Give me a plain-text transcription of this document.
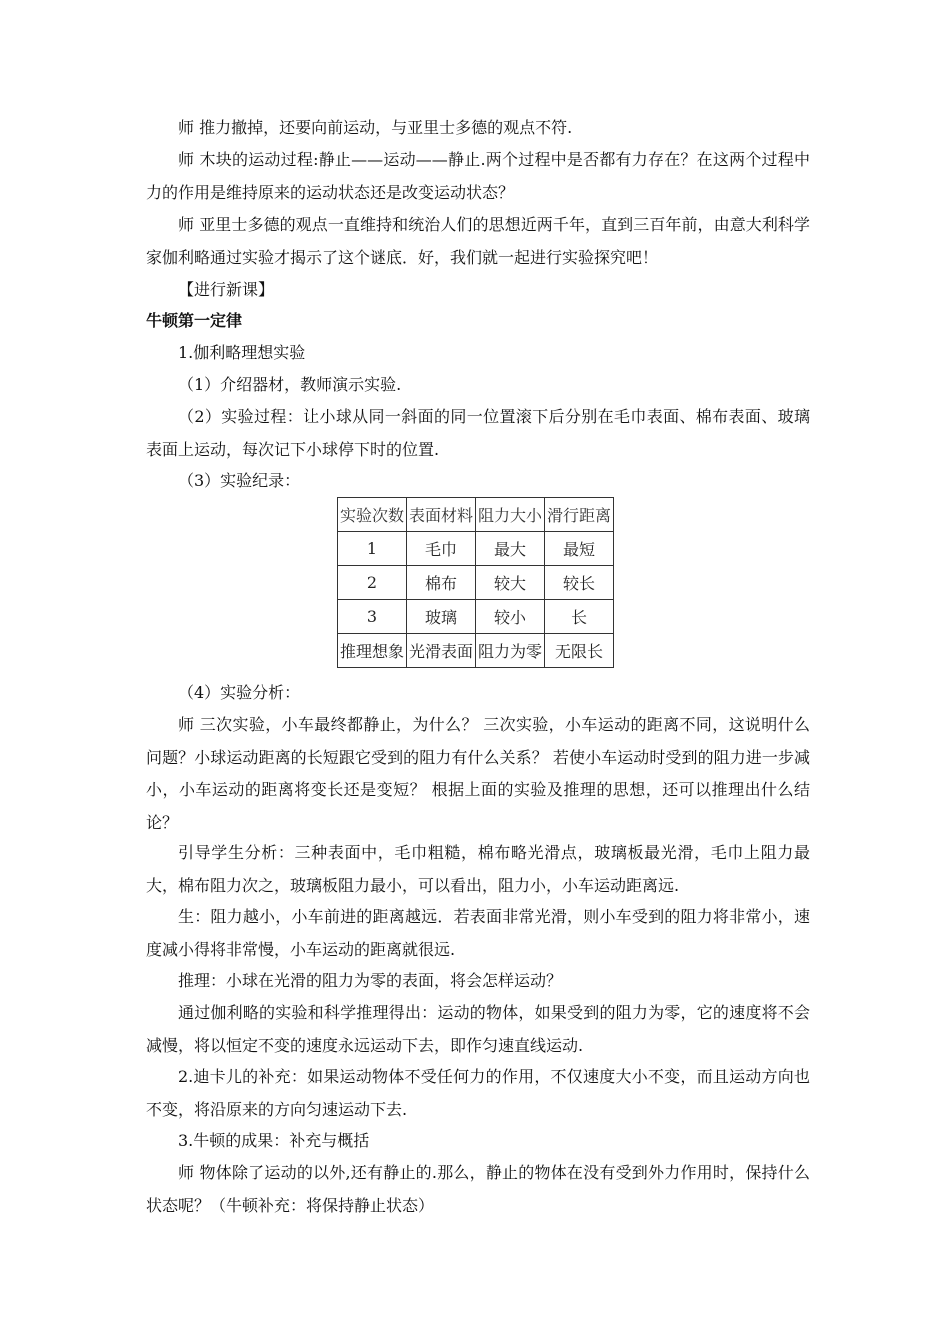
师 推力撤掉，还要向前运动，与亚里士多德的观点不符.

师 木块的运动过程:静止——运动——静止.两个过程中是否都有力存在？在这两个过程中力的作用是维持原来的运动状态还是改变运动状态？

师 亚里士多德的观点一直维持和统治人们的思想近两千年，直到三百年前，由意大利科学家伽利略通过实验才揭示了这个谜底．好，我们就一起进行实验探究吧！

【进行新课】

牛顿第一定律

1.伽利略理想实验

（1）介绍器材，教师演示实验.

（2）实验过程：让小球从同一斜面的同一位置滚下后分别在毛巾表面、棉布表面、玻璃表面上运动，每次记下小球停下时的位置.

（3）实验纪录：

实验次数	表面材料	阻力大小	滑行距离
1	毛巾	最大	最短
2	棉布	较大	较长
3	玻璃	较小	长
推理想象	光滑表面	阻力为零	无限长

（4）实验分析：

师 三次实验，小车最终都静止，为什么？ 三次实验，小车运动的距离不同，这说明什么问题？小球运动距离的长短跟它受到的阻力有什么关系？ 若使小车运动时受到的阻力进一步减小，小车运动的距离将变长还是变短？ 根据上面的实验及推理的思想，还可以推理出什么结论？

引导学生分析：三种表面中，毛巾粗糙，棉布略光滑点，玻璃板最光滑，毛巾上阻力最大，棉布阻力次之，玻璃板阻力最小，可以看出，阻力小，小车运动距离远.

生：阻力越小，小车前进的距离越远．若表面非常光滑，则小车受到的阻力将非常小，速度减小得将非常慢，小车运动的距离就很远.

推理：小球在光滑的阻力为零的表面，将会怎样运动？

通过伽利略的实验和科学推理得出：运动的物体，如果受到的阻力为零，它的速度将不会减慢，将以恒定不变的速度永远运动下去，即作匀速直线运动.

2.迪卡儿的补充：如果运动物体不受任何力的作用，不仅速度大小不变，而且运动方向也不变，将沿原来的方向匀速运动下去.

3.牛顿的成果：补充与概括

师 物体除了运动的以外,还有静止的.那么，静止的物体在没有受到外力作用时，保持什么状态呢？（牛顿补充：将保持静止状态）
